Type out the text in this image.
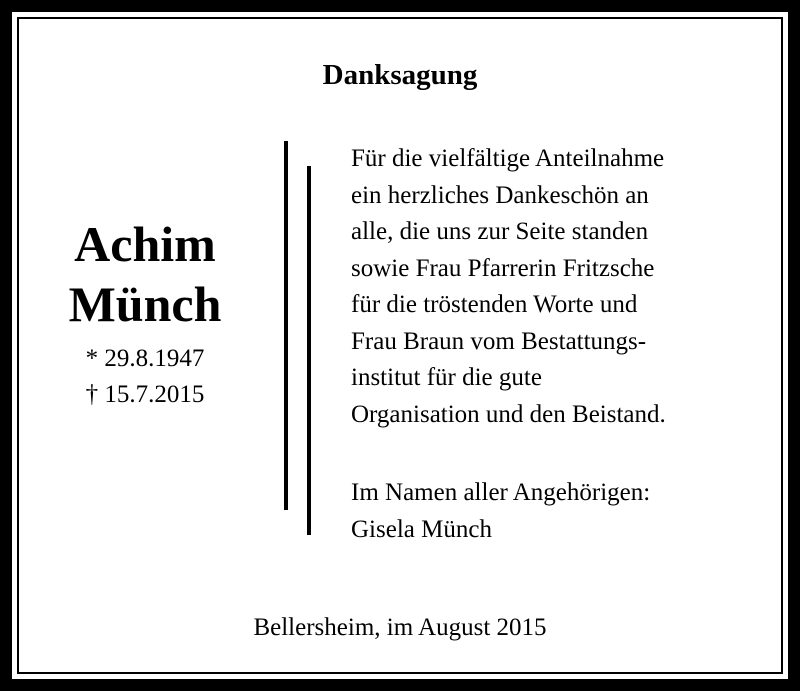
Danksagung
Achim
Münch
* 29.8.1947
† 15.7.2015
Für die vielfältige Anteilnahme
ein herzliches Dankeschön an
alle, die uns zur Seite standen
sowie Frau Pfarrerin Fritzsche
für die tröstenden Worte und
Frau Braun vom Bestattungs-
institut für die gute
Organisation und den Beistand.
Im Namen aller Angehörigen:
Gisela Münch
Bellersheim, im August 2015
